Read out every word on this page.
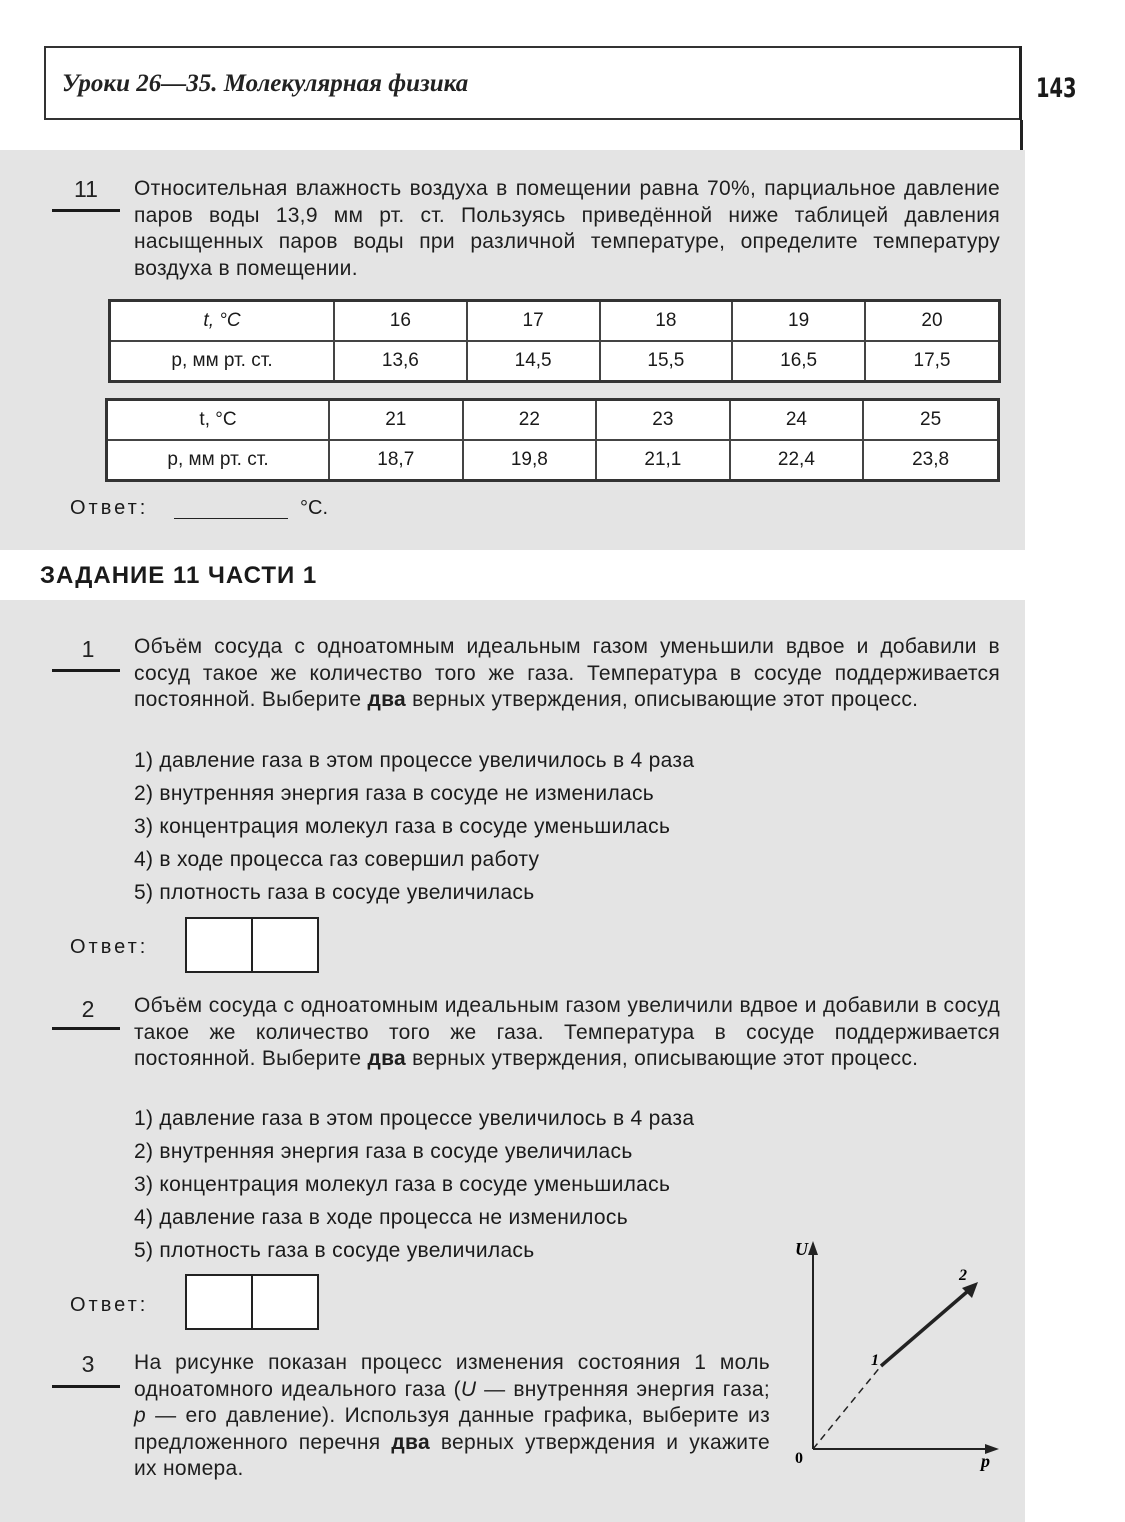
Уроки 26—35. Молекулярная физика	143
11 Относительная влажность воздуха в помещении равна 70%, парциальное давление паров воды 13,9 мм рт. ст. Пользуясь приведённой ниже таблицей давления насыщенных паров воды при различной температуре, определите температуру воздуха в помещении.
t, °C	16	17	18	19	20
p, мм рт. ст.	13,6	14,5	15,5	16,5	17,5
t, °C	21	22	23	24	25
p, мм рт. ст.	18,7	19,8	21,1	22,4	23,8
Ответ:	°C.
ЗАДАНИЕ 11 ЧАСТИ 1
1	Объём сосуда с одноатомным идеальным газом уменьшили вдвое и добавили в сосуд такое же количество того же газа. Температура в сосуде поддерживается постоянной. Выберите два верных утверждения, описывающие этот процесс.
1) давление газа в этом процессе увеличилось в 4 раза
2) внутренняя энергия газа в сосуде не изменилась
3) концентрация молекул газа в сосуде уменьшилась
4) в ходе процесса газ совершил работу
5) плотность газа в сосуде увеличилась
Ответ:
2	Объём сосуда с одноатомным идеальным газом увеличили вдвое и добавили в сосуд такое же количество того же газа. Температура в сосуде поддерживается постоянной. Выберите два верных утверждения, описывающие этот процесс.
1) давление газа в этом процессе увеличилось в 4 раза
2) внутренняя энергия газа в сосуде увеличилась
3) концентрация молекул газа в сосуде уменьшилась
4) давление газа в ходе процесса не изменилось
5) плотность газа в сосуде увеличилась
Ответ:
3	На рисунке показан процесс изменения состояния 1 моль одноатомного идеального газа (U — внутренняя энергия газа; p — его давление). Используя данные графика, выберите из предложенного перечня два верных утверждения и укажите их номера.
U
p
0
1
2
